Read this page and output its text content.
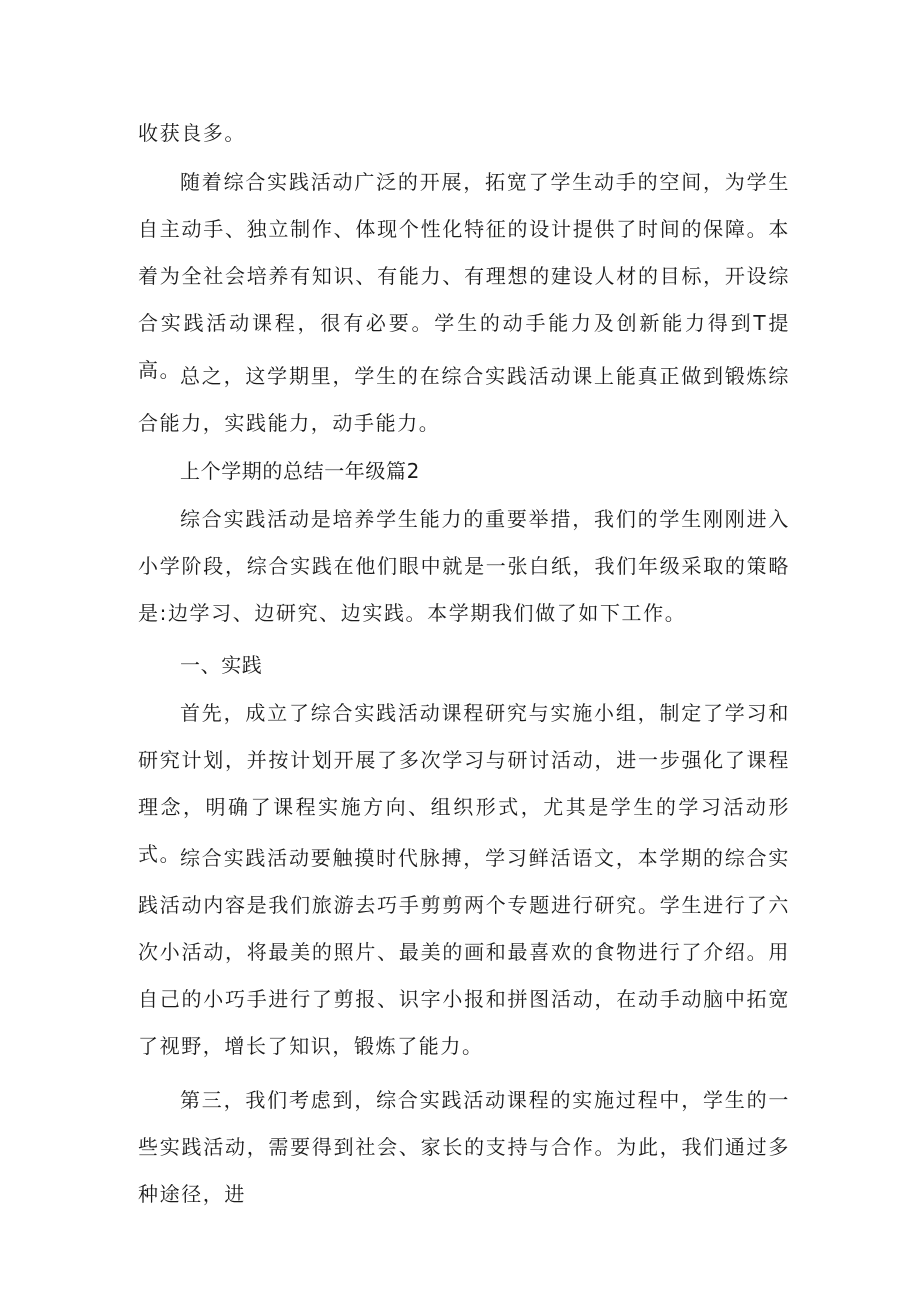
收获良多。

随着综合实践活动广泛的开展，拓宽了学生动手的空间，为学生自主动手、独立制作、体现个性化特征的设计提供了时间的保障。本着为全社会培养有知识、有能力、有理想的建设人材的目标，开设综合实践活动课程，很有必要。学生的动手能力及创新能力得到T提高。

总之，这学期里，学生的在综合实践活动课上能真正做到锻炼综合能力，实践能力，动手能力。

上个学期的总结一年级篇2

综合实践活动是培养学生能力的重要举措，我们的学生刚刚进入小学阶段，综合实践在他们眼中就是一张白纸，我们年级采取的策略是:边学习、边研究、边实践。本学期我们做了如下工作。

一、实践

首先，成立了综合实践活动课程研究与实施小组，制定了学习和研究计划，并按计划开展了多次学习与研讨活动，进一步强化了课程理念，明确了课程实施方向、组织形式，尤其是学生的学习活动形式。

综合实践活动要触摸时代脉搏，学习鲜活语文，本学期的综合实践活动内容是我们旅游去巧手剪剪两个专题进行研究。学生进行了六次小活动，将最美的照片、最美的画和最喜欢的食物进行了介绍。用自己的小巧手进行了剪报、识字小报和拼图活动，在动手动脑中拓宽了视野，增长了知识，锻炼了能力。

第三，我们考虑到，综合实践活动课程的实施过程中，学生的一些实践活动，需要得到社会、家长的支持与合作。为此，我们通过多种途径，进
